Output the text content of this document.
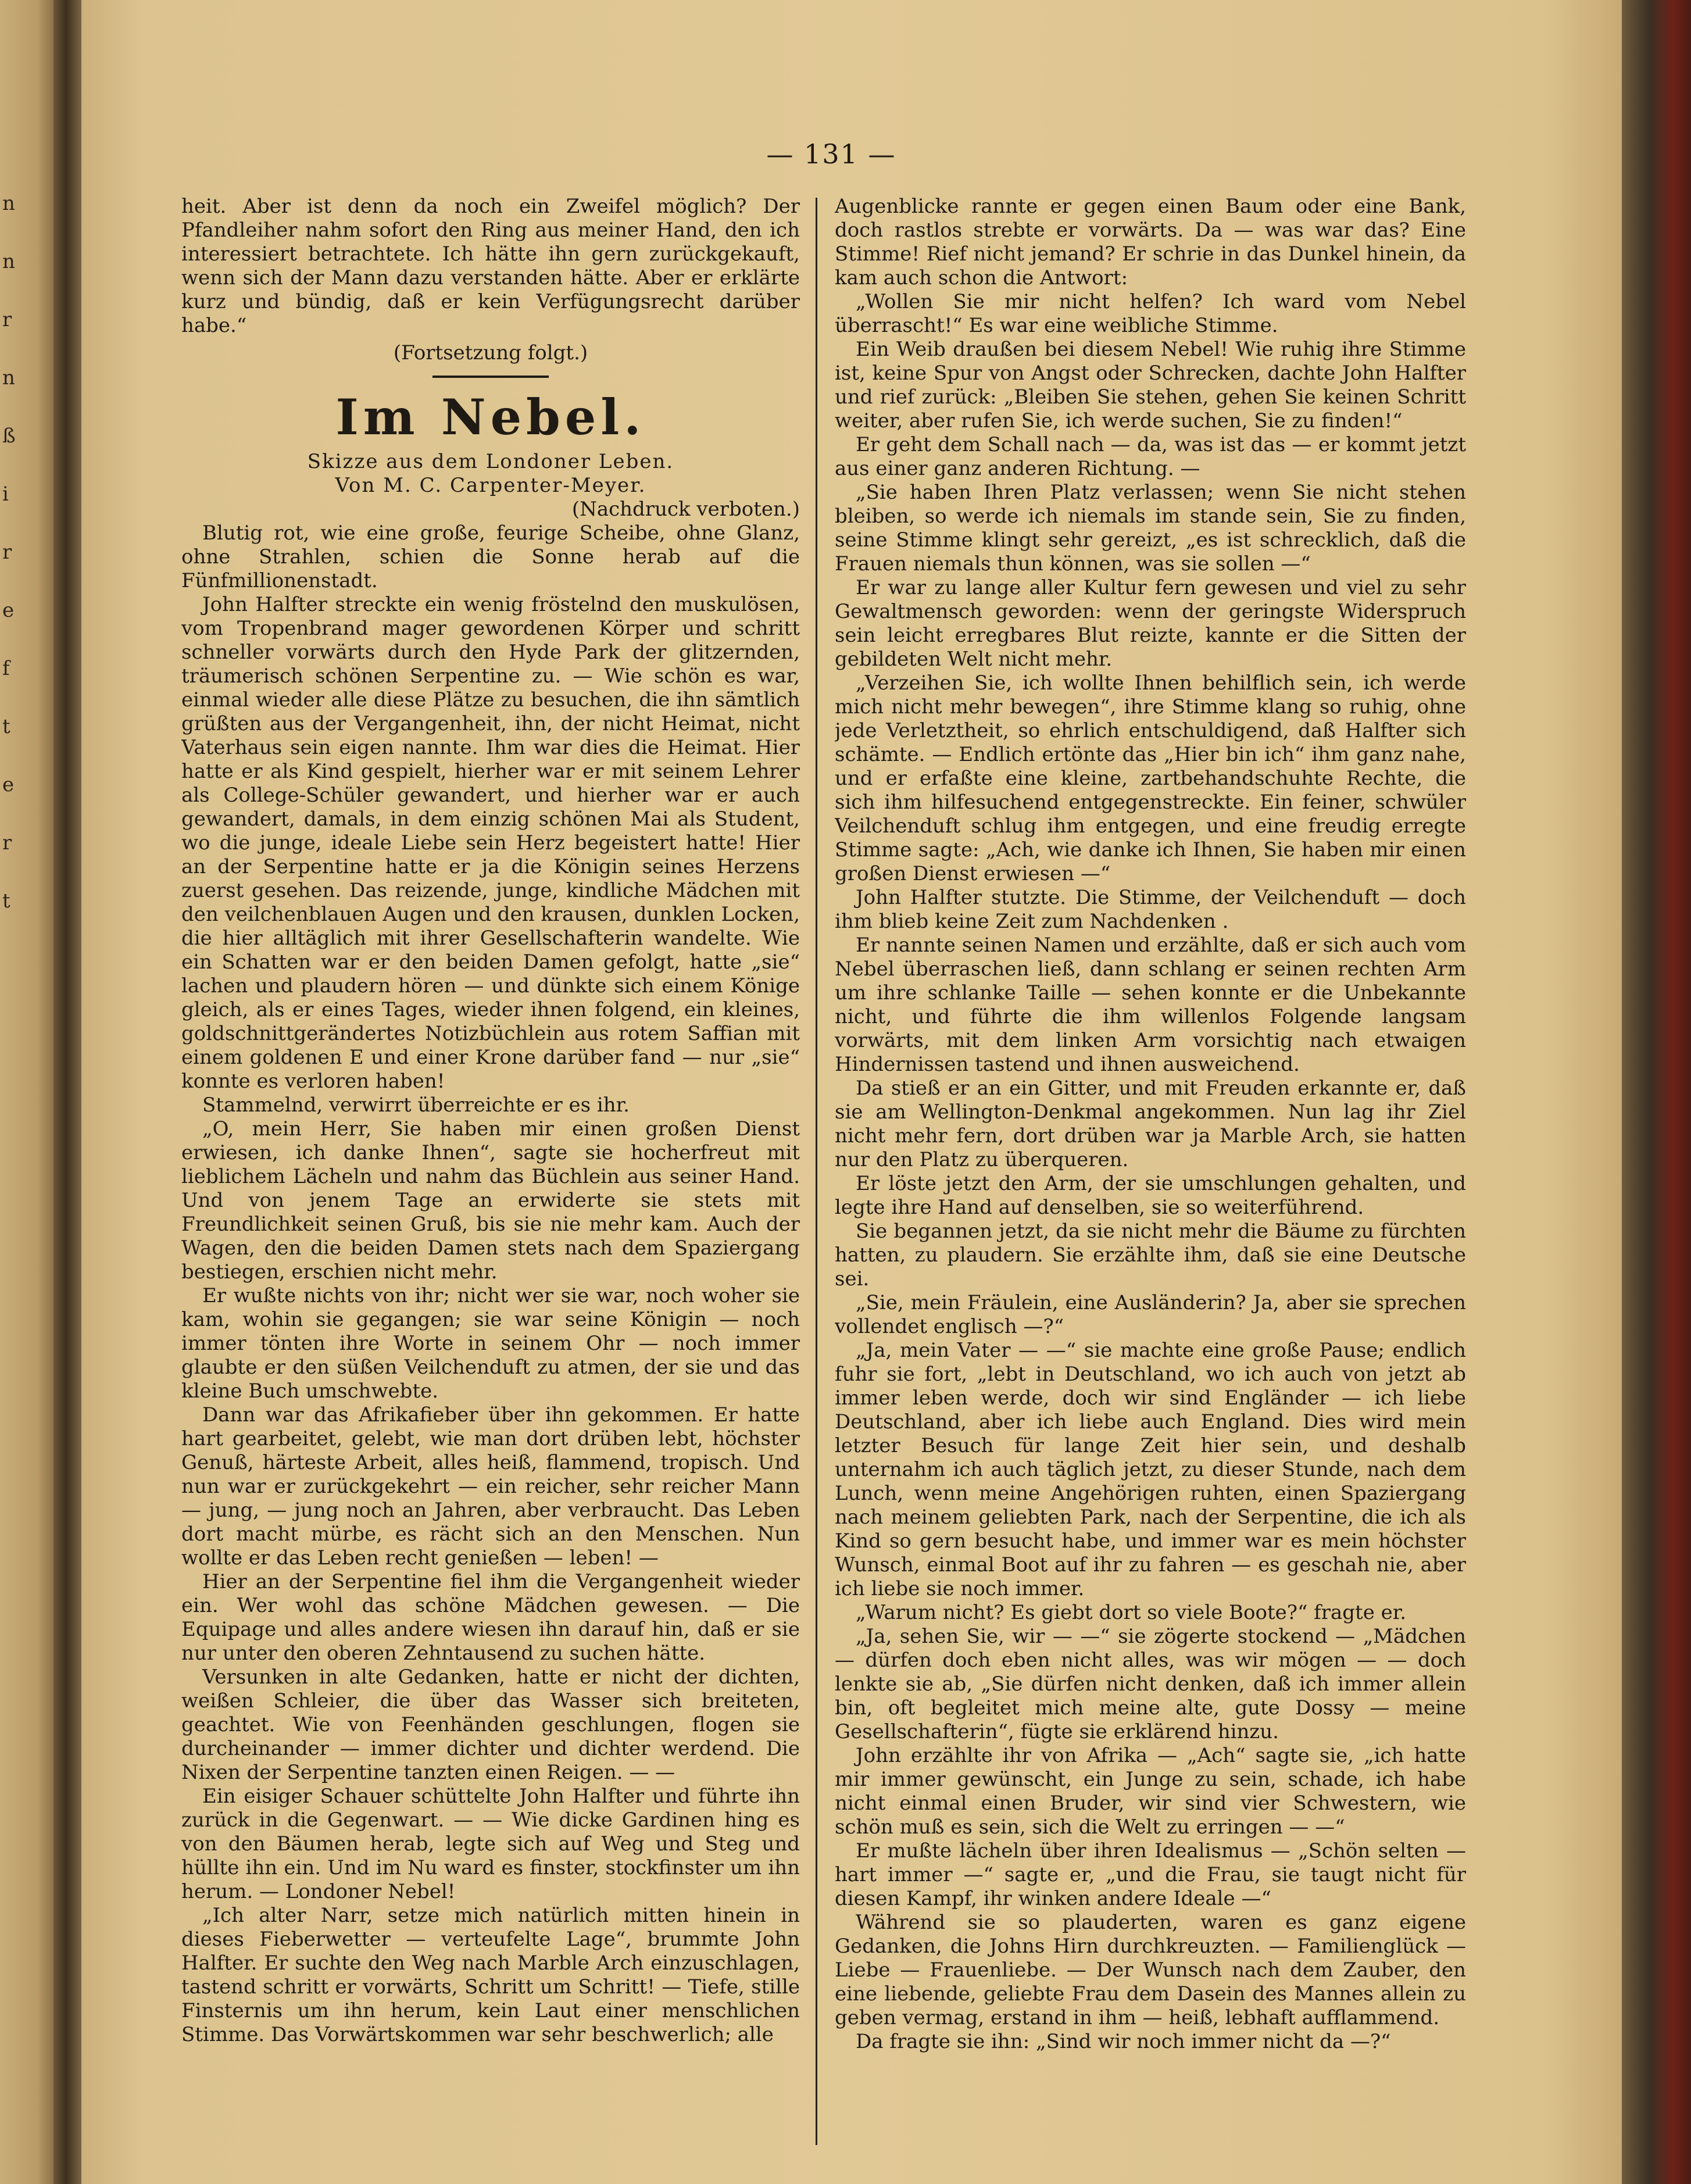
n
n
r
n
ß
i
r
e
f
t
e
r
t
— 131 —

heit. Aber ist denn da noch ein Zweifel möglich? Der Pfandleiher nahm sofort den Ring aus meiner Hand, den ich interessiert betrachtete. Ich hätte ihn gern zurückgekauft, wenn sich der Mann dazu verstanden hätte. Aber er erklärte kurz und bündig, daß er kein Verfügungsrecht darüber habe.“

(Fortsetzung folgt.)

Im Nebel.

Skizze aus dem Londoner Leben.

Von M. C. Carpenter-Meyer.

(Nachdruck verboten.)

Blutig rot, wie eine große, feurige Scheibe, ohne Glanz, ohne Strahlen, schien die Sonne herab auf die Fünfmillionenstadt.

John Halfter streckte ein wenig fröstelnd den muskulösen, vom Tropenbrand mager gewordenen Körper und schritt schneller vorwärts durch den Hyde Park der glitzernden, träumerisch schönen Serpentine zu. — Wie schön es war, einmal wieder alle diese Plätze zu besuchen, die ihn sämtlich grüßten aus der Vergangenheit, ihn, der nicht Heimat, nicht Vaterhaus sein eigen nannte. Ihm war dies die Heimat. Hier hatte er als Kind gespielt, hierher war er mit seinem Lehrer als College-Schüler gewandert, und hierher war er auch gewandert, damals, in dem einzig schönen Mai als Student, wo die junge, ideale Liebe sein Herz begeistert hatte! Hier an der Serpentine hatte er ja die Königin seines Herzens zuerst gesehen. Das reizende, junge, kindliche Mädchen mit den veilchenblauen Augen und den krausen, dunklen Locken, die hier alltäglich mit ihrer Gesellschafterin wandelte. Wie ein Schatten war er den beiden Damen gefolgt, hatte „sie“ lachen und plaudern hören — und dünkte sich einem Könige gleich, als er eines Tages, wieder ihnen folgend, ein kleines, goldschnittgerändertes Notizbüchlein aus rotem Saffian mit einem goldenen E und einer Krone darüber fand — nur „sie“ konnte es verloren haben!

Stammelnd, verwirrt überreichte er es ihr.

„O, mein Herr, Sie haben mir einen großen Dienst erwiesen, ich danke Ihnen“, sagte sie hocherfreut mit lieblichem Lächeln und nahm das Büchlein aus seiner Hand. Und von jenem Tage an erwiderte sie stets mit Freundlichkeit seinen Gruß, bis sie nie mehr kam. Auch der Wagen, den die beiden Damen stets nach dem Spaziergang bestiegen, erschien nicht mehr.

Er wußte nichts von ihr; nicht wer sie war, noch woher sie kam, wohin sie gegangen; sie war seine Königin — noch immer tönten ihre Worte in seinem Ohr — noch immer glaubte er den süßen Veilchenduft zu atmen, der sie und das kleine Buch umschwebte.

Dann war das Afrikafieber über ihn gekommen. Er hatte hart gearbeitet, gelebt, wie man dort drüben lebt, höchster Genuß, härteste Arbeit, alles heiß, flammend, tropisch. Und nun war er zurückgekehrt — ein reicher, sehr reicher Mann — jung, — jung noch an Jahren, aber verbraucht. Das Leben dort macht mürbe, es rächt sich an den Menschen. Nun wollte er das Leben recht genießen — leben! —

Hier an der Serpentine fiel ihm die Vergangenheit wieder ein. Wer wohl das schöne Mädchen gewesen. — Die Equipage und alles andere wiesen ihn darauf hin, daß er sie nur unter den oberen Zehntausend zu suchen hätte.

Versunken in alte Gedanken, hatte er nicht der dichten, weißen Schleier, die über das Wasser sich breiteten, geachtet. Wie von Feenhänden geschlungen, flogen sie durcheinander — immer dichter und dichter werdend. Die Nixen der Serpentine tanzten einen Reigen. — —

Ein eisiger Schauer schüttelte John Halfter und führte ihn zurück in die Gegenwart. — — Wie dicke Gardinen hing es von den Bäumen herab, legte sich auf Weg und Steg und hüllte ihn ein. Und im Nu ward es finster, stockfinster um ihn herum. — Londoner Nebel!

„Ich alter Narr, setze mich natürlich mitten hinein in dieses Fieberwetter — verteufelte Lage“, brummte John Halfter. Er suchte den Weg nach Marble Arch einzuschlagen, tastend schritt er vorwärts, Schritt um Schritt! — Tiefe, stille Finsternis um ihn herum, kein Laut einer menschlichen Stimme. Das Vorwärtskommen war sehr beschwerlich; alle

Augenblicke rannte er gegen einen Baum oder eine Bank, doch rastlos strebte er vorwärts. Da — was war das? Eine Stimme! Rief nicht jemand? Er schrie in das Dunkel hinein, da kam auch schon die Antwort:

„Wollen Sie mir nicht helfen? Ich ward vom Nebel überrascht!“ Es war eine weibliche Stimme.

Ein Weib draußen bei diesem Nebel! Wie ruhig ihre Stimme ist, keine Spur von Angst oder Schrecken, dachte John Halfter und rief zurück: „Bleiben Sie stehen, gehen Sie keinen Schritt weiter, aber rufen Sie, ich werde suchen, Sie zu finden!“

Er geht dem Schall nach — da, was ist das — er kommt jetzt aus einer ganz anderen Richtung. —

„Sie haben Ihren Platz verlassen; wenn Sie nicht stehen bleiben, so werde ich niemals im stande sein, Sie zu finden, seine Stimme klingt sehr gereizt, „es ist schrecklich, daß die Frauen niemals thun können, was sie sollen —“

Er war zu lange aller Kultur fern gewesen und viel zu sehr Gewaltmensch geworden: wenn der geringste Widerspruch sein leicht erregbares Blut reizte, kannte er die Sitten der gebildeten Welt nicht mehr.

„Verzeihen Sie, ich wollte Ihnen behilflich sein, ich werde mich nicht mehr bewegen“, ihre Stimme klang so ruhig, ohne jede Verletztheit, so ehrlich entschuldigend, daß Halfter sich schämte. — Endlich ertönte das „Hier bin ich“ ihm ganz nahe, und er erfaßte eine kleine, zartbehandschuhte Rechte, die sich ihm hilfesuchend entgegenstreckte. Ein feiner, schwüler Veilchenduft schlug ihm entgegen, und eine freudig erregte Stimme sagte: „Ach, wie danke ich Ihnen, Sie haben mir einen großen Dienst erwiesen —“

John Halfter stutzte. Die Stimme, der Veilchenduft — doch ihm blieb keine Zeit zum Nachdenken .

Er nannte seinen Namen und erzählte, daß er sich auch vom Nebel überraschen ließ, dann schlang er seinen rechten Arm um ihre schlanke Taille — sehen konnte er die Unbekannte nicht, und führte die ihm willenlos Folgende langsam vorwärts, mit dem linken Arm vorsichtig nach etwaigen Hindernissen tastend und ihnen ausweichend.

Da stieß er an ein Gitter, und mit Freuden erkannte er, daß sie am Wellington-Denkmal angekommen. Nun lag ihr Ziel nicht mehr fern, dort drüben war ja Marble Arch, sie hatten nur den Platz zu überqueren.

Er löste jetzt den Arm, der sie umschlungen gehalten, und legte ihre Hand auf denselben, sie so weiterführend.

Sie begannen jetzt, da sie nicht mehr die Bäume zu fürchten hatten, zu plaudern. Sie erzählte ihm, daß sie eine Deutsche sei.

„Sie, mein Fräulein, eine Ausländerin? Ja, aber sie sprechen vollendet englisch —?“

„Ja, mein Vater — —“ sie machte eine große Pause; endlich fuhr sie fort, „lebt in Deutschland, wo ich auch von jetzt ab immer leben werde, doch wir sind Engländer — ich liebe Deutschland, aber ich liebe auch England. Dies wird mein letzter Besuch für lange Zeit hier sein, und deshalb unternahm ich auch täglich jetzt, zu dieser Stunde, nach dem Lunch, wenn meine Angehörigen ruhten, einen Spaziergang nach meinem geliebten Park, nach der Serpentine, die ich als Kind so gern besucht habe, und immer war es mein höchster Wunsch, einmal Boot auf ihr zu fahren — es geschah nie, aber ich liebe sie noch immer.

„Warum nicht? Es giebt dort so viele Boote?“ fragte er.

„Ja, sehen Sie, wir — —“ sie zögerte stockend — „Mädchen — dürfen doch eben nicht alles, was wir mögen — — doch lenkte sie ab, „Sie dürfen nicht denken, daß ich immer allein bin, oft begleitet mich meine alte, gute Dossy — meine Gesellschafterin“, fügte sie erklärend hinzu.

John erzählte ihr von Afrika — „Ach“ sagte sie, „ich hatte mir immer gewünscht, ein Junge zu sein, schade, ich habe nicht einmal einen Bruder, wir sind vier Schwestern, wie schön muß es sein, sich die Welt zu erringen — —“

Er mußte lächeln über ihren Idealismus — „Schön selten — hart immer —“ sagte er, „und die Frau, sie taugt nicht für diesen Kampf, ihr winken andere Ideale —“

Während sie so plauderten, waren es ganz eigene Gedanken, die Johns Hirn durchkreuzten. — Familienglück — Liebe — Frauenliebe. — Der Wunsch nach dem Zauber, den eine liebende, geliebte Frau dem Dasein des Mannes allein zu geben vermag, erstand in ihm — heiß, lebhaft aufflammend.

Da fragte sie ihn: „Sind wir noch immer nicht da —?“
